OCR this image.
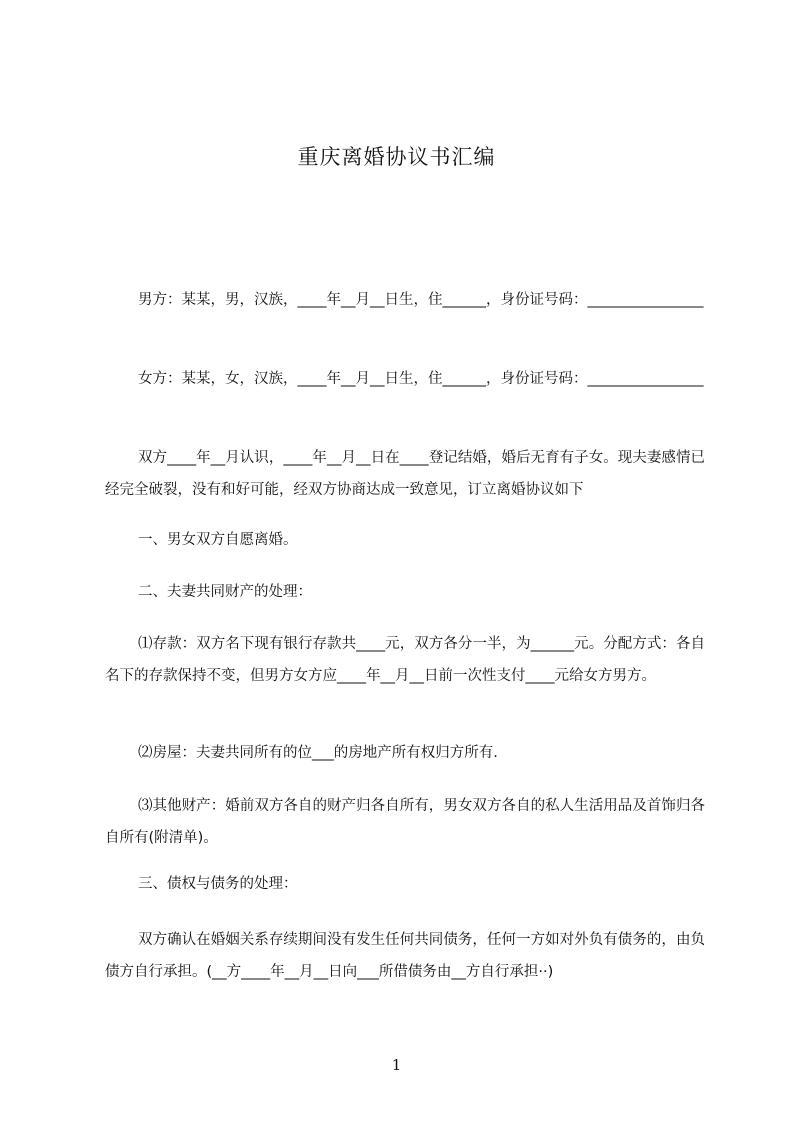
重庆离婚协议书汇编
男方：某某，男，汉族，____年__月__日生，住______，身份证号码：________________
女方：某某，女，汉族，____年__月__日生，住______，身份证号码：________________
双方____年__月认识，____年__月__日在____登记结婚，婚后无育有子女。现夫妻感情已经完全破裂，没有和好可能，经双方协商达成一致意见，订立离婚协议如下
一、男女双方自愿离婚。
二、夫妻共同财产的处理：
⑴存款：双方名下现有银行存款共____元，双方各分一半，为______元。分配方式：各自名下的存款保持不变，但男方女方应____年__月__日前一次性支付____元给女方男方。
⑵房屋：夫妻共同所有的位___的房地产所有权归方所有.
⑶其他财产：婚前双方各自的财产归各自所有，男女双方各自的私人生活用品及首饰归各自所有(附清单)。
三、债权与债务的处理：
双方确认在婚姻关系存续期间没有发生任何共同债务，任何一方如对外负有债务的，由负债方自行承担。(__方____年__月__日向___所借债务由__方自行承担··)
1
